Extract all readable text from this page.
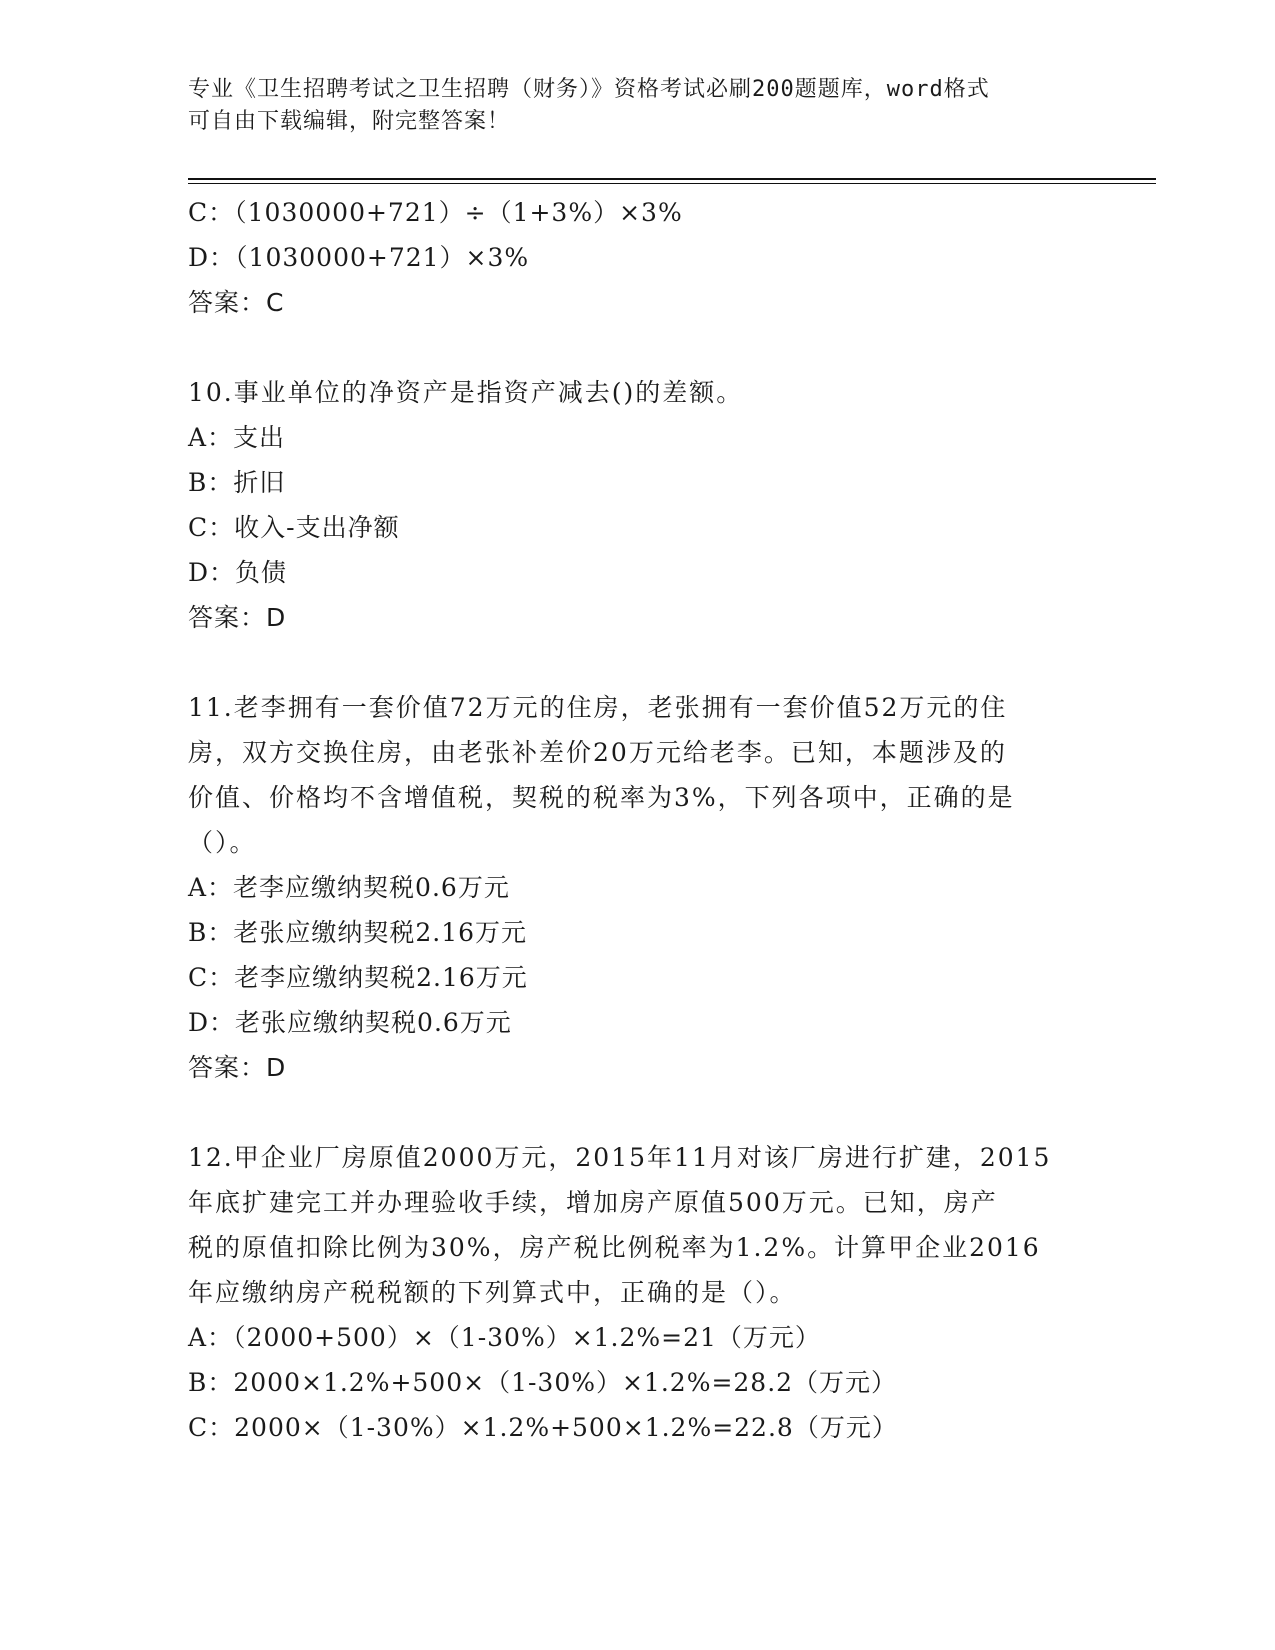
专业《卫生招聘考试之卫生招聘（财务）》资格考试必刷200题题库，word格式
可自由下载编辑，附完整答案！
C：（1030000+721）÷（1+3%）×3%
D：（1030000+721）×3%
答案：C
10.事业单位的净资产是指资产减去()的差额。
A：支出
B：折旧
C：收入-支出净额
D：负债
答案：D
11.老李拥有一套价值72万元的住房，老张拥有一套价值52万元的住
房，双方交换住房，由老张补差价20万元给老李。已知，本题涉及的
价值、价格均不含增值税，契税的税率为3%，下列各项中，正确的是
（）。
A：老李应缴纳契税0.6万元
B：老张应缴纳契税2.16万元
C：老李应缴纳契税2.16万元
D：老张应缴纳契税0.6万元
答案：D
12.甲企业厂房原值2000万元，2015年11月对该厂房进行扩建，2015
年底扩建完工并办理验收手续，增加房产原值500万元。已知，房产
税的原值扣除比例为30%，房产税比例税率为1.2%。计算甲企业2016
年应缴纳房产税税额的下列算式中，正确的是（）。
A：（2000+500）×（1-30%）×1.2%=21（万元）
B：2000×1.2%+500×（1-30%）×1.2%=28.2（万元）
C：2000×（1-30%）×1.2%+500×1.2%=22.8（万元）
